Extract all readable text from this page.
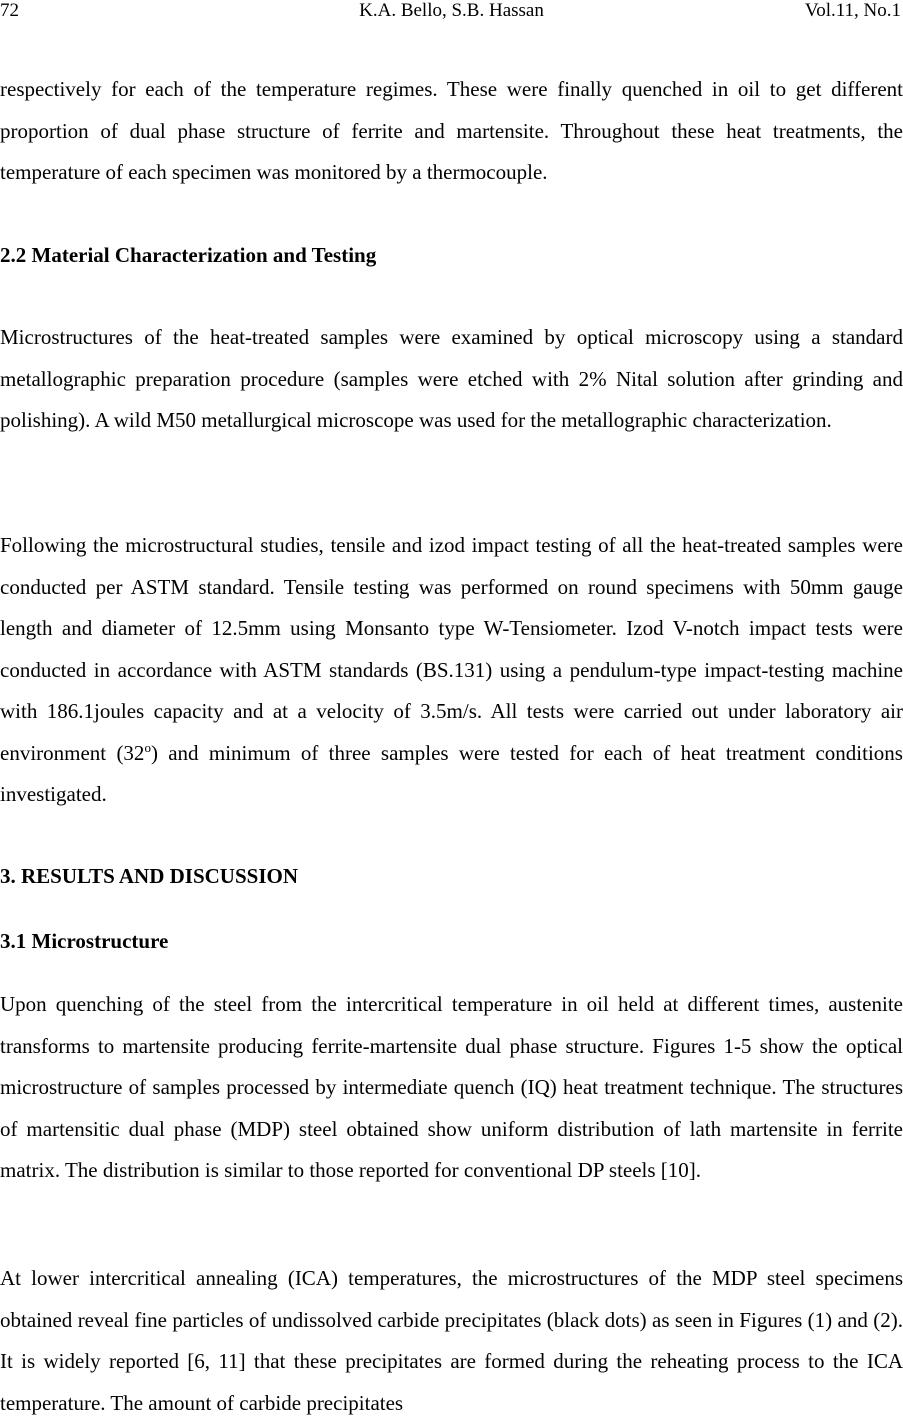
72	K.A. Bello, S.B. Hassan	Vol.11, No.1

respectively for each of the temperature regimes. These were finally quenched in oil to get different proportion of dual phase structure of ferrite and martensite. Throughout these heat treatments, the temperature of each specimen was monitored by a thermocouple.

2.2 Material Characterization and Testing

Microstructures of the heat-treated samples were examined by optical microscopy using a standard metallographic preparation procedure (samples were etched with 2% Nital solution after grinding and polishing). A wild M50 metallurgical microscope was used for the metallographic characterization.

Following the microstructural studies, tensile and izod impact testing of all the heat-treated samples were conducted per ASTM standard. Tensile testing was performed on round specimens with 50mm gauge length and diameter of 12.5mm using Monsanto type W-Tensiometer. Izod V-notch impact tests were conducted in accordance with ASTM standards (BS.131) using a pendulum-type impact-testing machine with 186.1joules capacity and at a velocity of 3.5m/s. All tests were carried out under laboratory air environment (32$^o$) and minimum of three samples were tested for each of heat treatment conditions investigated.

3. RESULTS AND DISCUSSION
3.1 Microstructure

Upon quenching of the steel from the intercritical temperature in oil held at different times, austenite transforms to martensite producing ferrite-martensite dual phase structure. Figures 1-5 show the optical microstructure of samples processed by intermediate quench (IQ) heat treatment technique. The structures of martensitic dual phase (MDP) steel obtained show uniform distribution of lath martensite in ferrite matrix. The distribution is similar to those reported for conventional DP steels [10].

At lower intercritical annealing (ICA) temperatures, the microstructures of the MDP steel specimens obtained reveal fine particles of undissolved carbide precipitates (black dots) as seen in Figures (1) and (2). It is widely reported [6, 11] that these precipitates are formed during the reheating process to the ICA temperature. The amount of carbide precipitates
